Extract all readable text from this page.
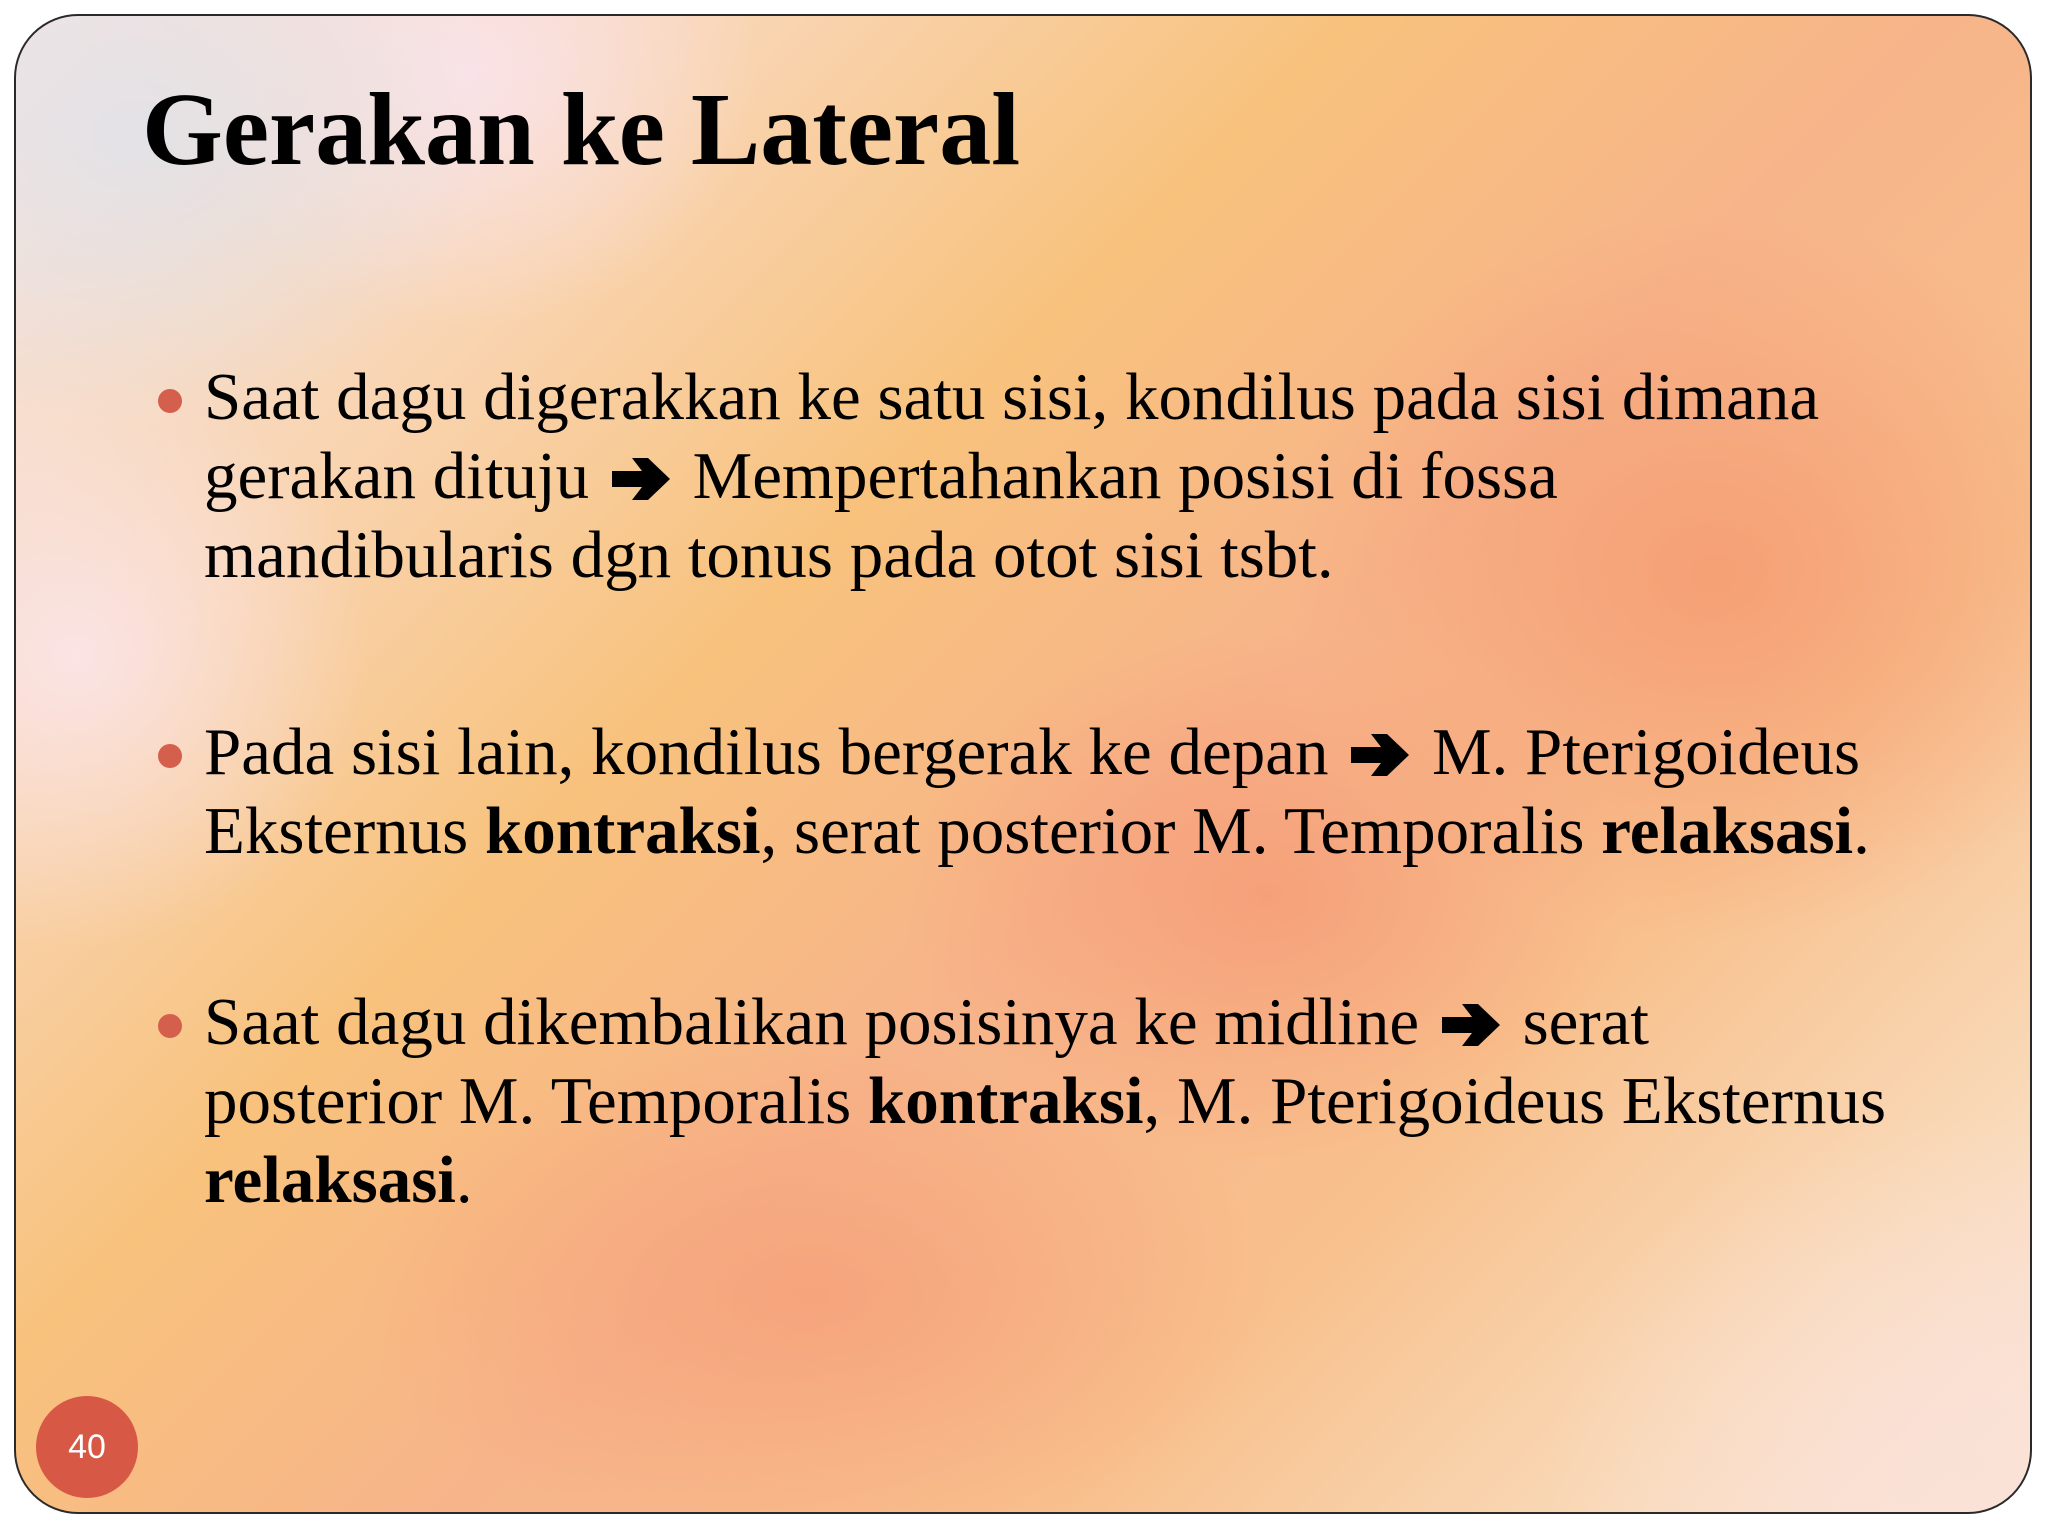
Gerakan ke Lateral
Saat dagu digerakkan ke satu sisi, kondilus pada sisi dimana
gerakan dituju  Mempertahankan posisi di fossa
mandibularis dgn tonus pada otot sisi tsbt.
Pada sisi lain, kondilus bergerak ke depan  M. Pterigoideus
Eksternus kontraksi, serat posterior M. Temporalis relaksasi.
Saat dagu dikembalikan posisinya ke midline  serat
posterior M. Temporalis kontraksi, M. Pterigoideus Eksternus
relaksasi.
40
